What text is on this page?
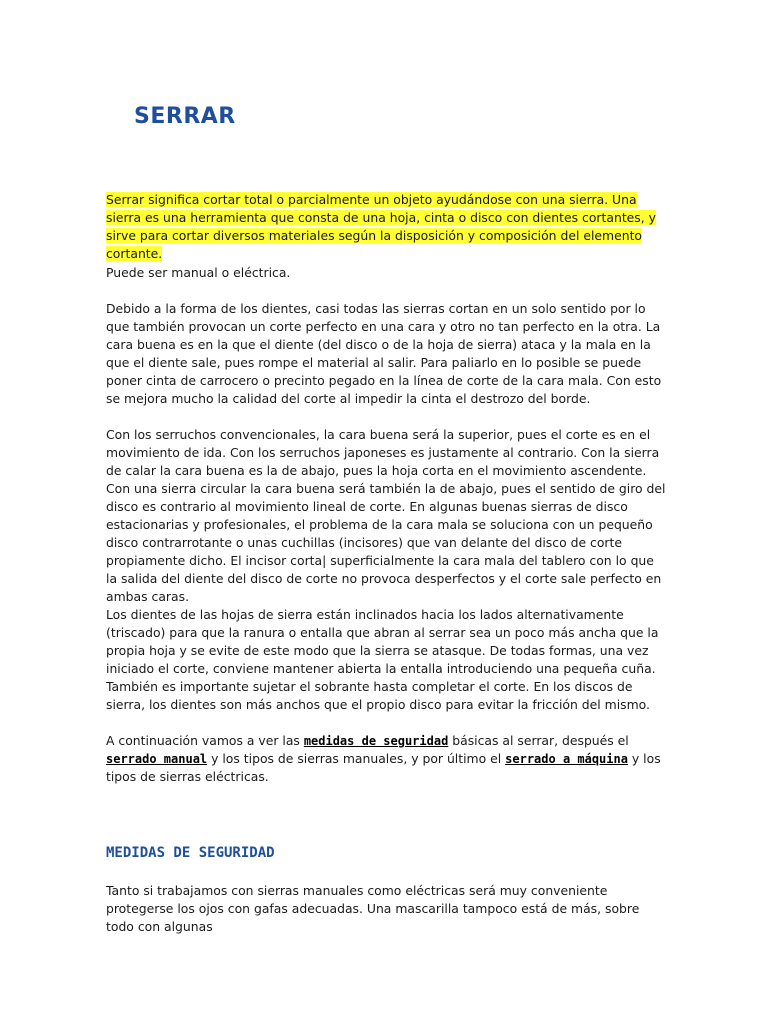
SERRAR

Serrar significa cortar total o parcialmente un objeto ayudándose con una sierra. Una sierra es una herramienta que consta de una hoja, cinta o disco con dientes cortantes, y sirve para cortar diversos materiales según la disposición y composición del elemento cortante.

Puede ser manual o eléctrica.

Debido a la forma de los dientes, casi todas las sierras cortan en un solo sentido por lo que también provocan un corte perfecto en una cara y otro no tan perfecto en la otra. La cara buena es en la que el diente (del disco o de la hoja de sierra) ataca y la mala en la que el diente sale, pues rompe el material al salir. Para paliarlo en lo posible se puede poner cinta de carrocero o precinto pegado en la línea de corte de la cara mala. Con esto se mejora mucho la calidad del corte al impedir la cinta el destrozo del borde.

Con los serruchos convencionales, la cara buena será la superior, pues el corte es en el movimiento de ida. Con los serruchos japoneses es justamente al contrario. Con la sierra de calar la cara buena es la de abajo, pues la hoja corta en el movimiento ascendente. Con una sierra circular la cara buena será también la de abajo, pues el sentido de giro del disco es contrario al movimiento lineal de corte. En algunas buenas sierras de disco estacionarias y profesionales, el problema de la cara mala se soluciona con un pequeño disco contrarrotante o unas cuchillas (incisores) que van delante del disco de corte propiamente dicho. El incisor corta| superficialmente la cara mala del tablero con lo que la salida del diente del disco de corte no provoca desperfectos y el corte sale perfecto en ambas caras.

Los dientes de las hojas de sierra están inclinados hacia los lados alternativamente (triscado) para que la ranura o entalla que abran al serrar sea un poco más ancha que la propia hoja y se evite de este modo que la sierra se atasque. De todas formas, una vez iniciado el corte, conviene mantener abierta la entalla introduciendo una pequeña cuña. También es importante sujetar el sobrante hasta completar el corte. En los discos de sierra, los dientes son más anchos que el propio disco para evitar la fricción del mismo.

A continuación vamos a ver las medidas de seguridad básicas al serrar, después el serrado manual y los tipos de sierras manuales, y por último el serrado a máquina y los tipos de sierras eléctricas.

MEDIDAS DE SEGURIDAD

Tanto si trabajamos con sierras manuales como eléctricas será muy conveniente protegerse los ojos con gafas adecuadas. Una mascarilla tampoco está de más, sobre todo con algunas
